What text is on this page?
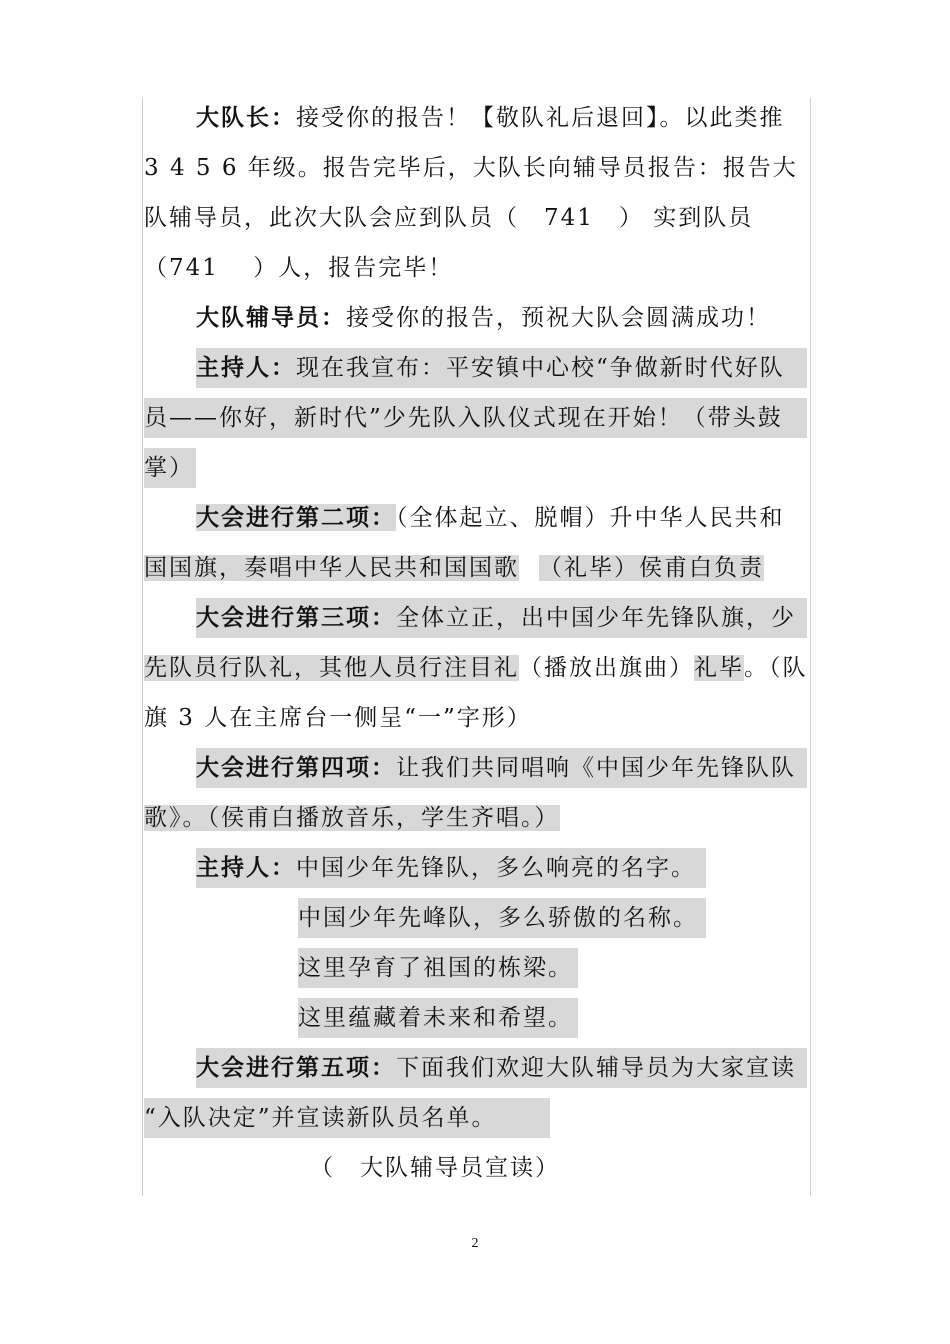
大队长：接受你的报告！【敬队礼后退回】。以此类推
3 4 5 6 年级。报告完毕后，大队长向辅导员报告：报告大
队辅导员，此次大队会应到队员（　741　） 实到队员
（741　 ）人，报告完毕！
大队辅导员：接受你的报告，预祝大队会圆满成功！
主持人：现在我宣布：平安镇中心校“争做新时代好队
员——你好，新时代”少先队入队仪式现在开始！（带头鼓
掌）
大会进行第二项：（全体起立、脱帽）升中华人民共和
国国旗，奏唱中华人民共和国国歌 （礼毕）侯甫白负责
大会进行第三项：全体立正，出中国少年先锋队旗，少
先队员行队礼，其他人员行注目礼（播放出旗曲）礼毕。（队
旗 3 人在主席台一侧呈“一”字形）
大会进行第四项：让我们共同唱响《中国少年先锋队队
歌》。（侯甫白播放音乐，学生齐唱。）
主持人：中国少年先锋队，多么响亮的名字。
中国少年先峰队，多么骄傲的名称。
这里孕育了祖国的栋梁。
这里蕴藏着未来和希望。
大会进行第五项：下面我们欢迎大队辅导员为大家宣读
“入队决定”并宣读新队员名单。
（　大队辅导员宣读）
2
